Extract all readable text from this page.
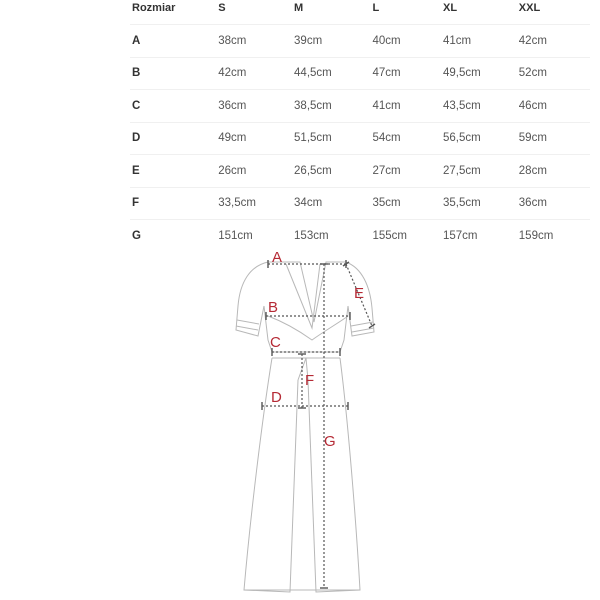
Rozmiar	S	M	L	XL	XXL
A	38cm	39cm	40cm	41cm	42cm
B	42cm	44,5cm	47cm	49,5cm	52cm
C	36cm	38,5cm	41cm	43,5cm	46cm
D	49cm	51,5cm	54cm	56,5cm	59cm
E	26cm	26,5cm	27cm	27,5cm	28cm
F	33,5cm	34cm	35cm	35,5cm	36cm
G	151cm	153cm	155cm	157cm	159cm
A
B
C
D
E
F
G
